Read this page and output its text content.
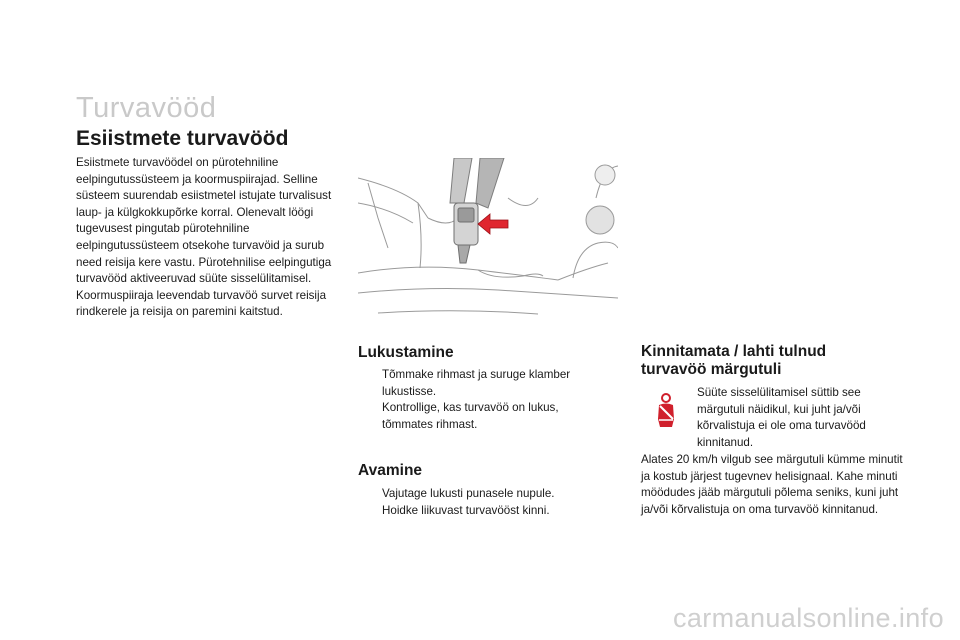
Turvavööd
Esiistmete turvavööd

Esiistmete turvavöödel on pürotehniline eelpingutussüsteem ja koormuspiirajad. Selline süsteem suurendab esiistmetel istujate turvalisust laup- ja külgkokkupõrke korral. Olenevalt löögi tugevusest pingutab pürotehniline eelpingutussüsteem otsekohe turvavöid ja surub need reisija kere vastu. Pürotehnilise eelpingutiga turvavööd aktiveeruvad süüte sisselülitamisel. Koormuspiiraja leevendab turvavöö survet reisija rindkerele ja reisija on paremini kaitstud.

Lukustamine
Tõmmake rihmast ja suruge klamber lukustisse.
Kontrollige, kas turvavöö on lukus, tõmmates rihmast.
Avamine
Vajutage lukusti punasele nupule.
Hoidke liikuvast turvavööst kinni.
Kinnitamata / lahti tulnud turvavöö märgutuli

Süüte sisselülitamisel süttib see märgutuli näidikul, kui juht ja/või kõrvalistuja ei ole oma turvavööd kinnitanud.

Alates 20 km/h vilgub see märgutuli kümme minutit ja kostub järjest tugevnev helisignaal. Kahe minuti möödudes jääb märgutuli põlema seniks, kuni juht ja/või kõrvalistuja on oma turvavöö kinnitanud.

carmanualsonline.info
